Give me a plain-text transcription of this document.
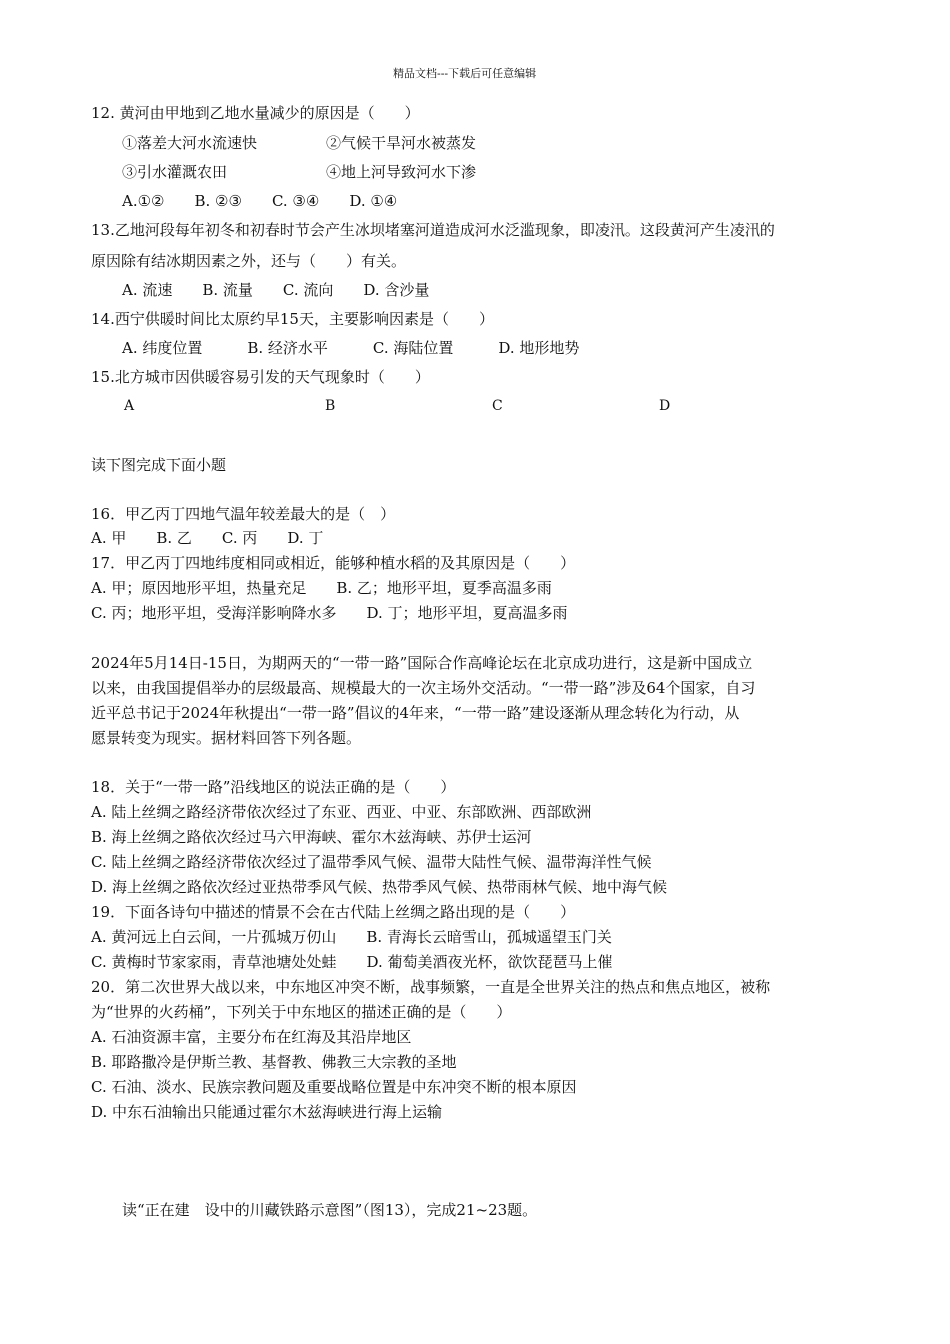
精品文档---下载后可任意编辑
12. 黄河由甲地到乙地水量减少的原因是（　　）
①落差大河水流速快	②气候干旱河水被蒸发
③引水灌溉农田	④地上河导致河水下渗
A.①②　　B. ②③　　C. ③④　　D. ①④
13.乙地河段每年初冬和初春时节会产生冰坝堵塞河道造成河水泛滥现象，即凌汛。这段黄河产生凌汛的
原因除有结冰期因素之外，还与（　　）有关。
A. 流速　　B. 流量　　C. 流向　　D. 含沙量
14.西宁供暖时间比太原约早15天，主要影响因素是（　　）
A. 纬度位置　　　B. 经济水平　　　C. 海陆位置　　　D. 地形地势
15.北方城市因供暖容易引发的天气现象时（　　）
A	B	C	D
读下图完成下面小题
16．甲乙丙丁四地气温年较差最大的是（　）
A. 甲　　B. 乙　　C. 丙　　D. 丁
17．甲乙丙丁四地纬度相同或相近，能够种植水稻的及其原因是（　　）
A. 甲；原因地形平坦，热量充足　　B. 乙；地形平坦，夏季高温多雨
C. 丙；地形平坦，受海洋影响降水多　　D. 丁；地形平坦，夏高温多雨
2024年5月14日-15日，为期两天的“一带一路”国际合作高峰论坛在北京成功进行，这是新中国成立
以来，由我国提倡举办的层级最高、规模最大的一次主场外交活动。“一带一路”涉及64个国家，自习
近平总书记于2024年秋提出“一带一路”倡议的4年来，“一带一路”建设逐渐从理念转化为行动，从
愿景转变为现实。据材料回答下列各题。
18．关于“一带一路”沿线地区的说法正确的是（　　）
A. 陆上丝绸之路经济带依次经过了东亚、西亚、中亚、东部欧洲、西部欧洲
B. 海上丝绸之路依次经过马六甲海峡、霍尔木兹海峡、苏伊士运河
C. 陆上丝绸之路经济带依次经过了温带季风气候、温带大陆性气候、温带海洋性气候
D. 海上丝绸之路依次经过亚热带季风气候、热带季风气候、热带雨林气候、地中海气候
19．下面各诗句中描述的情景不会在古代陆上丝绸之路出现的是（　　）
A. 黄河远上白云间，一片孤城万仞山　　B. 青海长云暗雪山，孤城遥望玉门关
C. 黄梅时节家家雨，青草池塘处处蛙　　D. 葡萄美酒夜光杯，欲饮琵琶马上催
20．第二次世界大战以来，中东地区冲突不断，战事频繁，一直是全世界关注的热点和焦点地区，被称
为“世界的火药桶”，下列关于中东地区的描述正确的是（　　）
A. 石油资源丰富，主要分布在红海及其沿岸地区
B. 耶路撒冷是伊斯兰教、基督教、佛教三大宗教的圣地
C. 石油、淡水、民族宗教问题及重要战略位置是中东冲突不断的根本原因
D. 中东石油输出只能通过霍尔木兹海峡进行海上运输
读“正在建　设中的川藏铁路示意图”（图13），完成21~23题。
